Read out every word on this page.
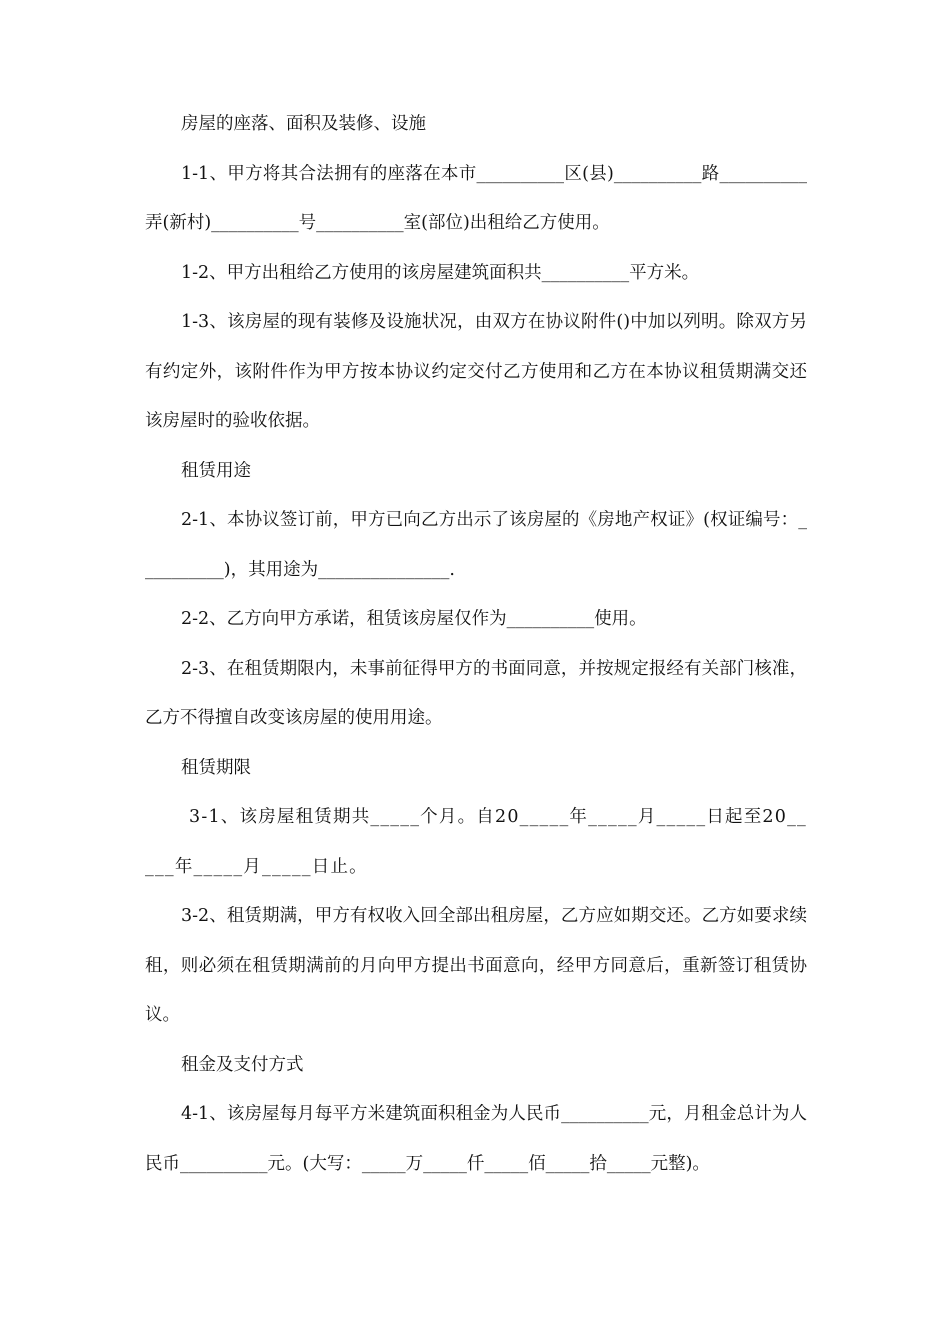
房屋的座落、面积及装修、设施

1-1、甲方将其合法拥有的座落在本市__________区(县)__________路__________弄(新村)__________号__________室(部位)出租给乙方使用。

1-2、甲方出租给乙方使用的该房屋建筑面积共__________平方米。

1-3、该房屋的现有装修及设施状况，由双方在协议附件()中加以列明。除双方另有约定外，该附件作为甲方按本协议约定交付乙方使用和乙方在本协议租赁期满交还该房屋时的验收依据。

租赁用途

2-1、本协议签订前，甲方已向乙方出示了该房屋的《房地产权证》(权证编号：__________)，其用途为_______________.

2-2、乙方向甲方承诺，租赁该房屋仅作为__________使用。

2-3、在租赁期限内，未事前征得甲方的书面同意，并按规定报经有关部门核准，乙方不得擅自改变该房屋的使用用途。

租赁期限

3-1、该房屋租赁期共_____个月。自20_____年_____月_____日起至20_____年_____月_____日止。

3-2、租赁期满，甲方有权收入回全部出租房屋，乙方应如期交还。乙方如要求续租，则必须在租赁期满前的月向甲方提出书面意向，经甲方同意后，重新签订租赁协议。

租金及支付方式

4-1、该房屋每月每平方米建筑面积租金为人民币__________元，月租金总计为人民币__________元。(大写：_____万_____仟_____佰_____拾_____元整)。
